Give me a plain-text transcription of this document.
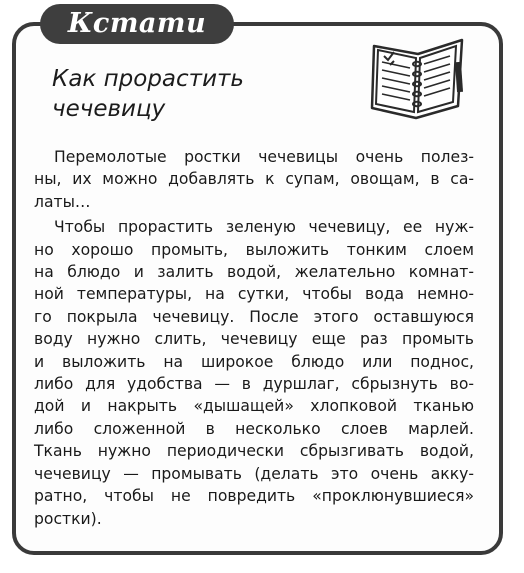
Кстати
Как прорастить
чечевицу
Перемолотые ростки чечевицы очень полез-
ны, их можно добавлять к супам, овощам, в са-
латы…
Чтобы прорастить зеленую чечевицу, ее нуж-
но хорошо промыть, выложить тонким слоем
на блюдо и залить водой, желательно комнат-
ной температуры, на сутки, чтобы вода немно-
го покрыла чечевицу. После этого оставшуюся
воду нужно слить, чечевицу еще раз промыть
и выложить на широкое блюдо или поднос,
либо для удобства — в дуршлаг, сбрызнуть во-
дой и накрыть «дышащей» хлопковой тканью
либо сложенной в несколько слоев марлей.
Ткань нужно периодически сбрызгивать водой,
чечевицу — промывать (делать это очень акку-
ратно, чтобы не повредить «проклюнувшиеся»
ростки).
